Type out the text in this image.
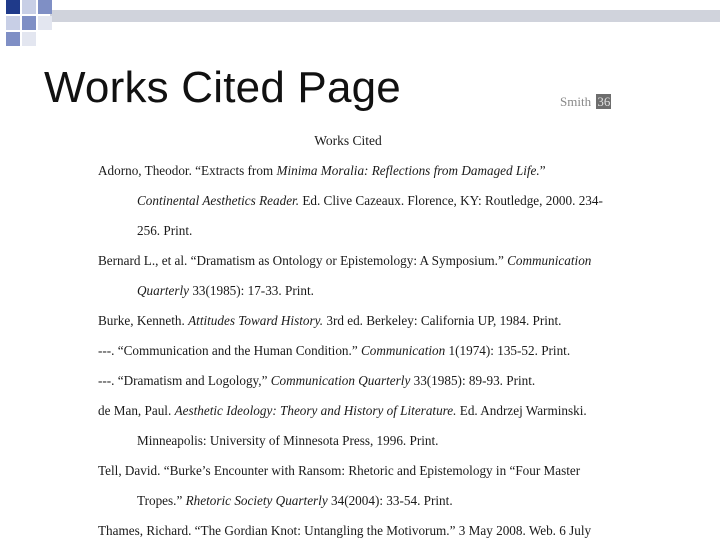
Works Cited Page	Smith 36
Works Cited
Adorno, Theodor. “Extracts from Minima Moralia: Reflections from Damaged Life.”
Continental Aesthetics Reader. Ed. Clive Cazeaux. Florence, KY: Routledge, 2000. 234-
256. Print.
Bernard L., et al. “Dramatism as Ontology or Epistemology: A Symposium.” Communication
Quarterly 33(1985): 17-33. Print.
Burke, Kenneth. Attitudes Toward History. 3rd ed. Berkeley: California UP, 1984. Print.
---. “Communication and the Human Condition.” Communication 1(1974): 135-52. Print.
---. “Dramatism and Logology,” Communication Quarterly 33(1985): 89-93. Print.
de Man, Paul. Aesthetic Ideology: Theory and History of Literature. Ed. Andrzej Warminski.
Minneapolis: University of Minnesota Press, 1996. Print.
Tell, David. “Burke’s Encounter with Ransom: Rhetoric and Epistemology in “Four Master
Tropes.” Rhetoric Society Quarterly 34(2004): 33-54. Print.
Thames, Richard. “The Gordian Knot: Untangling the Motivorum.” 3 May 2008. Web. 6 July
